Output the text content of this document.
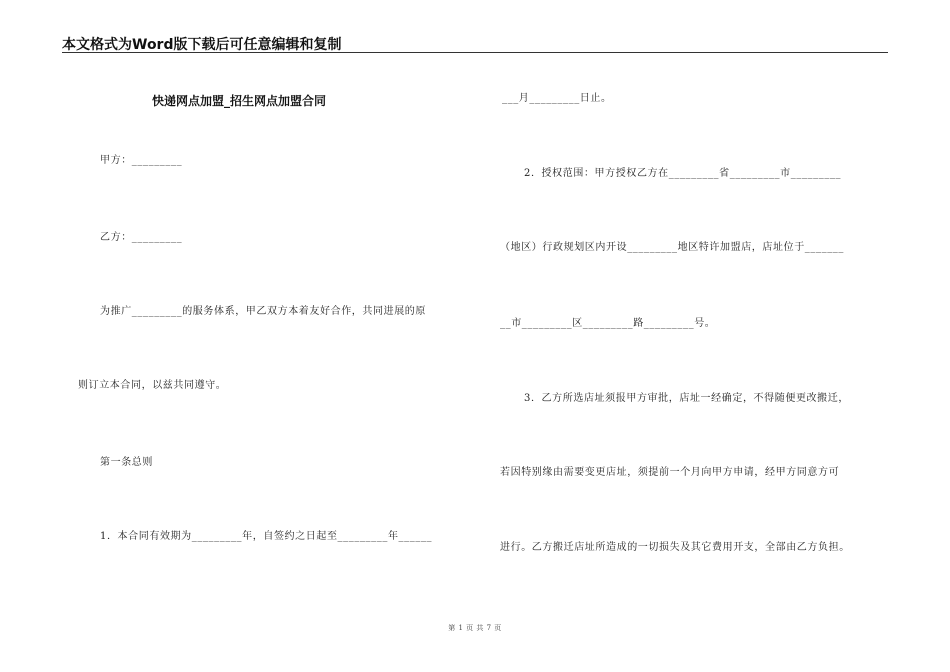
本文格式为Word版下载后可任意编辑和复制
快递网点加盟_招生网点加盟合同
甲方：_________
乙方：_________
为推广_________的服务体系，甲乙双方本着友好合作，共同进展的原
则订立本合同，以兹共同遵守。
第一条总则
1．本合同有效期为_________年，自签约之日起至_________年______
___月_________日止。
2．授权范围：甲方授权乙方在_________省_________市_________
（地区）行政规划区内开设_________地区特许加盟店，店址位于_______
__市_________区_________路_________号。
3．乙方所选店址须报甲方审批，店址一经确定，不得随便更改搬迁，
若因特别缘由需要变更店址，须提前一个月向甲方申请，经甲方同意方可
进行。乙方搬迁店址所造成的一切损失及其它费用开支，全部由乙方负担。
第 1 页 共 7 页
